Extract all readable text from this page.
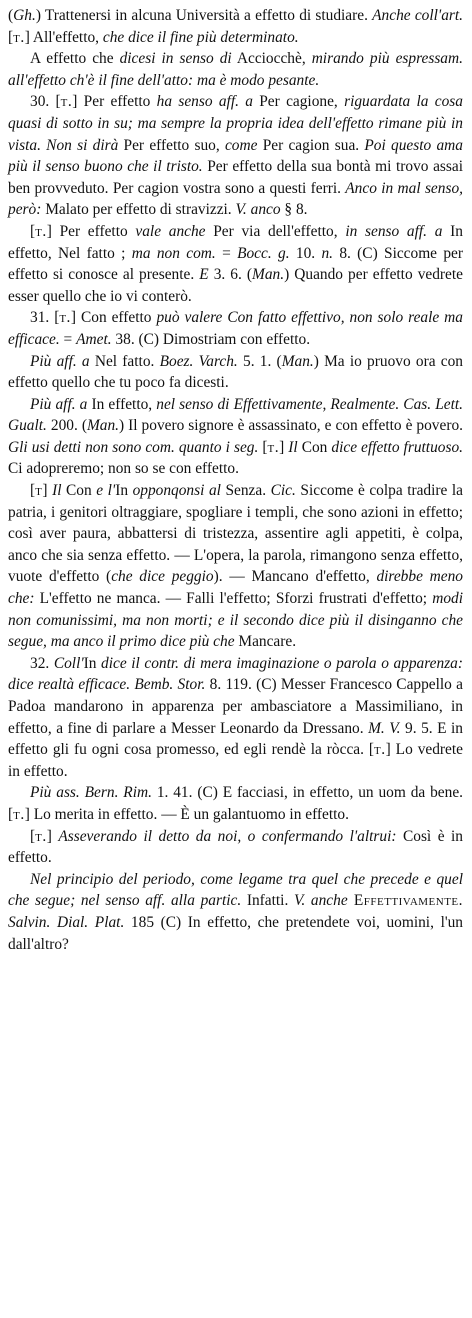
(Gh.) Trattenersi in alcuna Università a effetto di studiare. Anche coll'art. [t.] All'effetto, che dice il fine più determinato.

A effetto che dicesi in senso di Acciocchè, mirando più espressam. all'effetto ch'è il fine dell'atto: ma è modo pesante.

30. [t.] Per effetto ha senso aff. a Per cagione, riguardata la cosa quasi di sotto in su; ma sempre la propria idea dell'effetto rimane più in vista. Non si dirà Per effetto suo, come Per cagion sua. Poi questo ama più il senso buono che il tristo. Per effetto della sua bontà mi trovo assai ben provveduto. Per cagion vostra sono a questi ferri. Anco in mal senso, però: Malato per effetto di stravizzi. V. anco § 8.

[t.] Per effetto vale anche Per via dell'effetto, in senso aff. a In effetto, Nel fatto ; ma non com. = Bocc. g. 10. n. 8. (C) Siccome per effetto si conosce al presente. E 3. 6. (Man.) Quando per effetto vedrete esser quello che io vi conterò.

31. [t.] Con effetto può valere Con fatto effettivo, non solo reale ma efficace. = Amet. 38. (C) Dimostriam con effetto.

Più aff. a Nel fatto. Boez. Varch. 5. 1. (Man.) Ma io pruovo ora con effetto quello che tu poco fa dicesti.

Più aff. a In effetto, nel senso di Effettivamente, Realmente. Cas. Lett. Gualt. 200. (Man.) Il povero signore è assassinato, e con effetto è povero. Gli usi detti non sono com. quanto i seg. [t.] Il Con dice effetto fruttuoso. Ci adopreremo; non so se con effetto.

[t] Il Con e l'In opponqonsi al Senza. Cic. Siccome è colpa tradire la patria, i genitori oltraggiare, spogliare i templi, che sono azioni in effetto; così aver paura, abbattersi di tristezza, assentire agli appetiti, è colpa, anco che sia senza effetto. — L'opera, la parola, rimangono senza effetto, vuote d'effetto (che dice peggio). — Mancano d'effetto, direbbe meno che: L'effetto ne manca. — Falli l'effetto; Sforzi frustrati d'effetto; modi non comunissimi, ma non morti; e il secondo dice più il disinganno che segue, ma anco il primo dice più che Mancare.

32. Coll'In dice il contr. di mera imaginazione o parola o apparenza: dice realtà efficace. Bemb. Stor. 8. 119. (C) Messer Francesco Cappello a Padoa mandarono in apparenza per ambasciatore a Massimiliano, in effetto, a fine di parlare a Messer Leonardo da Dressano. M. V. 9. 5. E in effetto gli fu ogni cosa promesso, ed egli rendè la ròcca. [t.] Lo vedrete in effetto.

Più ass. Bern. Rim. 1. 41. (C) E facciasi, in effetto, un uom da bene. [t.] Lo merita in effetto. — È un galantuomo in effetto.

[t.] Asseverando il detto da noi, o confermando l'altrui: Così è in effetto.

Nel principio del periodo, come legame tra quel che precede e quel che segue; nel senso aff. alla partic. Infatti. V. anche Effettivamente. Salvin. Dial. Plat. 185 (C) In effetto, che pretendete voi, uomini, l'un dall'altro?
